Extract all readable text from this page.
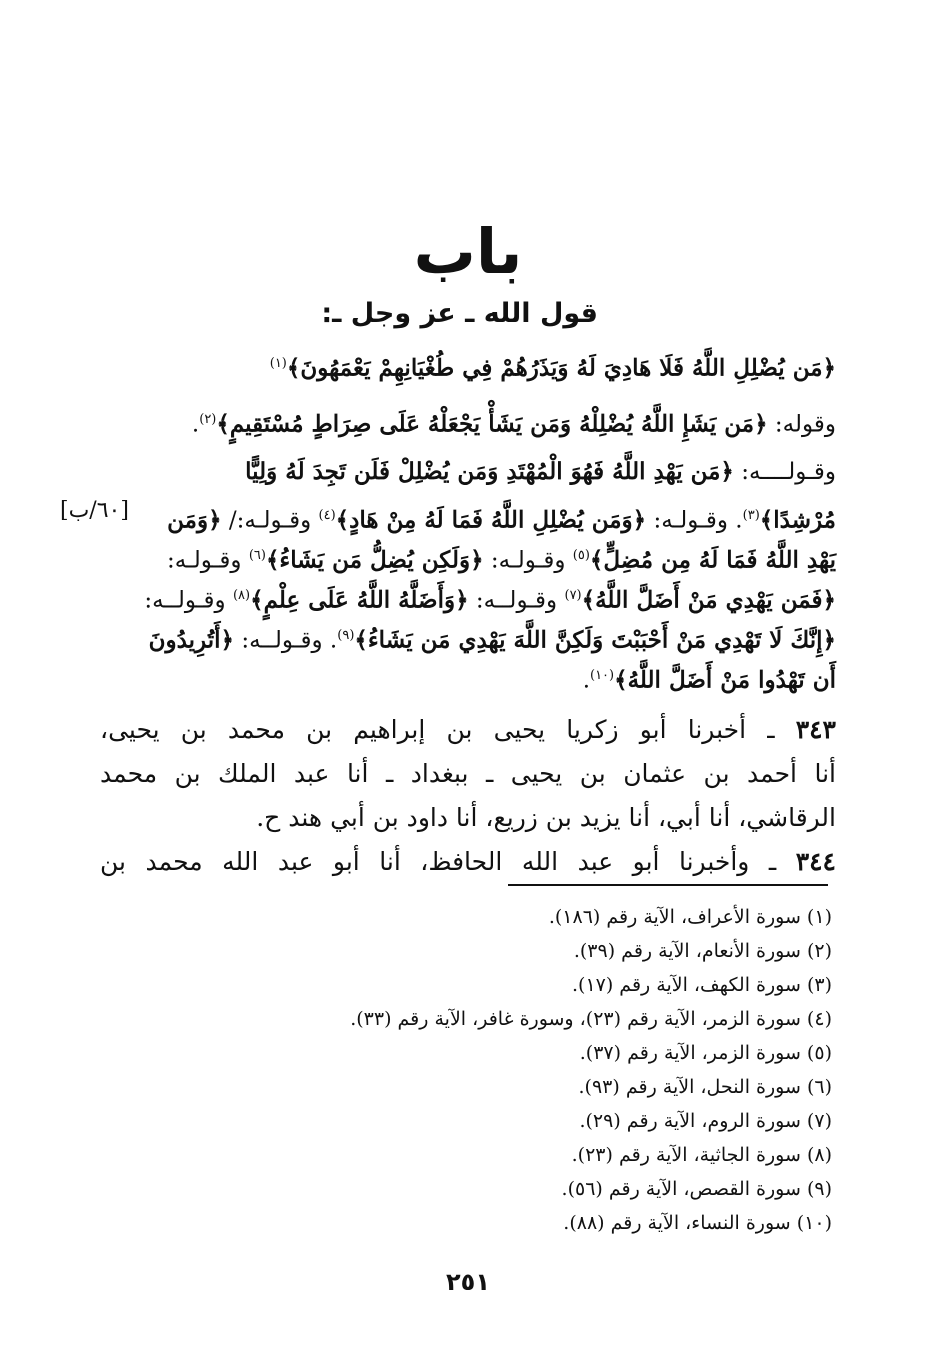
باب
قول الله ـ عز وجل ـ:
﴿مَن يُضْلِلِ اللَّهُ فَلَا هَادِيَ لَهُ وَيَذَرُهُمْ فِي طُغْيَانِهِمْ يَعْمَهُونَ﴾$^{(١)}$
وقوله: ﴿مَن يَشَإِ اللَّهُ يُضْلِلْهُ وَمَن يَشَأْ يَجْعَلْهُ عَلَى صِرَاطٍ مُسْتَقِيمٍ﴾$^{(٢)}$.
وقـولــــه: ﴿مَن يَهْدِ اللَّهُ فَهُوَ الْمُهْتَدِ وَمَن يُضْلِلْ فَلَن تَجِدَ لَهُ وَلِيًّا
مُرْشِدًا﴾$^{(٣)}$. وقـولـه: ﴿وَمَن يُضْلِلِ اللَّهُ فَمَا لَهُ مِنْ هَادٍ﴾$^{(٤)}$ وقـولـه:/ ﴿وَمَن
[٦٠/ب]
يَهْدِ اللَّهُ فَمَا لَهُ مِن مُضِلٍّ﴾$^{(٥)}$ وقـولـه: ﴿وَلَكِن يُضِلُّ مَن يَشَاءُ﴾$^{(٦)}$ وقـولـه:
﴿فَمَن يَهْدِي مَنْ أَضَلَّ اللَّهُ﴾$^{(٧)}$ وقـولــه: ﴿وَأَضَلَّهُ اللَّهُ عَلَى عِلْمٍ﴾$^{(٨)}$ وقـولــه:
﴿إِنَّكَ لَا تَهْدِي مَنْ أَحْبَبْتَ وَلَكِنَّ اللَّهَ يَهْدِي مَن يَشَاءُ﴾$^{(٩)}$. وقـولــه: ﴿أَتُرِيدُونَ
أَن تَهْدُوا مَنْ أَضَلَّ اللَّهُ﴾$^{(١٠)}$.
٣٤٣ ـ أخبرنا أبو زكريا يحيى بن إبراهيم بن محمد بن يحيى،
أنا أحمد بن عثمان بن يحيى ـ ببغداد ـ أنا عبد الملك بن محمد
الرقاشي، أنا أبي، أنا يزيد بن زريع، أنا داود بن أبي هند ح.
٣٤٤ ـ وأخبرنا أبو عبد الله الحافظ، أنا أبو عبد الله محمد بن
(١) سورة الأعراف، الآية رقم (١٨٦).
(٢) سورة الأنعام، الآية رقم (٣٩).
(٣) سورة الكهف، الآية رقم (١٧).
(٤) سورة الزمر، الآية رقم (٢٣)، وسورة غافر، الآية رقم (٣٣).
(٥) سورة الزمر، الآية رقم (٣٧).
(٦) سورة النحل، الآية رقم (٩٣).
(٧) سورة الروم، الآية رقم (٢٩).
(٨) سورة الجاثية، الآية رقم (٢٣).
(٩) سورة القصص، الآية رقم (٥٦).
(١٠) سورة النساء، الآية رقم (٨٨).
٢٥١
